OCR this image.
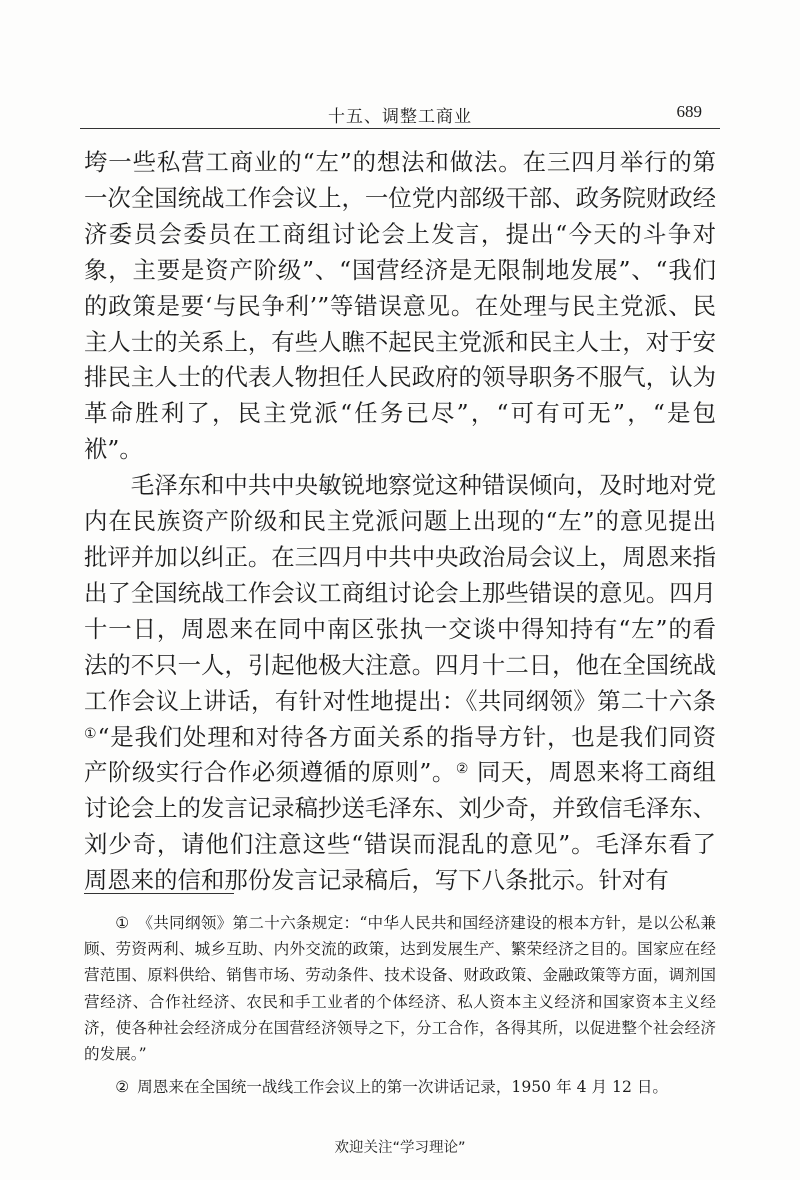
十五、调整工商业	689

垮一些私营工商业的“左”的想法和做法。在三四月举行的第一次全国统战工作会议上，一位党内部级干部、政务院财政经济委员会委员在工商组讨论会上发言，提出“今天的斗争对象，主要是资产阶级”、“国营经济是无限制地发展”、“我们的政策是要‘与民争利’”等错误意见。在处理与民主党派、民主人士的关系上，有些人瞧不起民主党派和民主人士，对于安排民主人士的代表人物担任人民政府的领导职务不服气，认为革命胜利了，民主党派“任务已尽”，“可有可无”，“是包袱”。

毛泽东和中共中央敏锐地察觉这种错误倾向，及时地对党内在民族资产阶级和民主党派问题上出现的“左”的意见提出批评并加以纠正。在三四月中共中央政治局会议上，周恩来指出了全国统战工作会议工商组讨论会上那些错误的意见。四月十一日，周恩来在同中南区张执一交谈中得知持有“左”的看法的不只一人，引起他极大注意。四月十二日，他在全国统战工作会议上讲话，有针对性地提出：《共同纲领》第二十六条①“是我们处理和对待各方面关系的指导方针，也是我们同资产阶级实行合作必须遵循的原则”。② 同天，周恩来将工商组讨论会上的发言记录稿抄送毛泽东、刘少奇，并致信毛泽东、刘少奇，请他们注意这些“错误而混乱的意见”。毛泽东看了周恩来的信和那份发言记录稿后，写下八条批示。针对有

① 《共同纲领》第二十六条规定：“中华人民共和国经济建设的根本方针，是以公私兼顾、劳资两利、城乡互助、内外交流的政策，达到发展生产、繁荣经济之目的。国家应在经营范围、原料供给、销售市场、劳动条件、技术设备、财政政策、金融政策等方面，调剂国营经济、合作社经济、农民和手工业者的个体经济、私人资本主义经济和国家资本主义经济，使各种社会经济成分在国营经济领导之下，分工合作，各得其所，以促进整个社会经济的发展。”

② 周恩来在全国统一战线工作会议上的第一次讲话记录，1950 年 4 月 12 日。

欢迎关注“学习理论”
